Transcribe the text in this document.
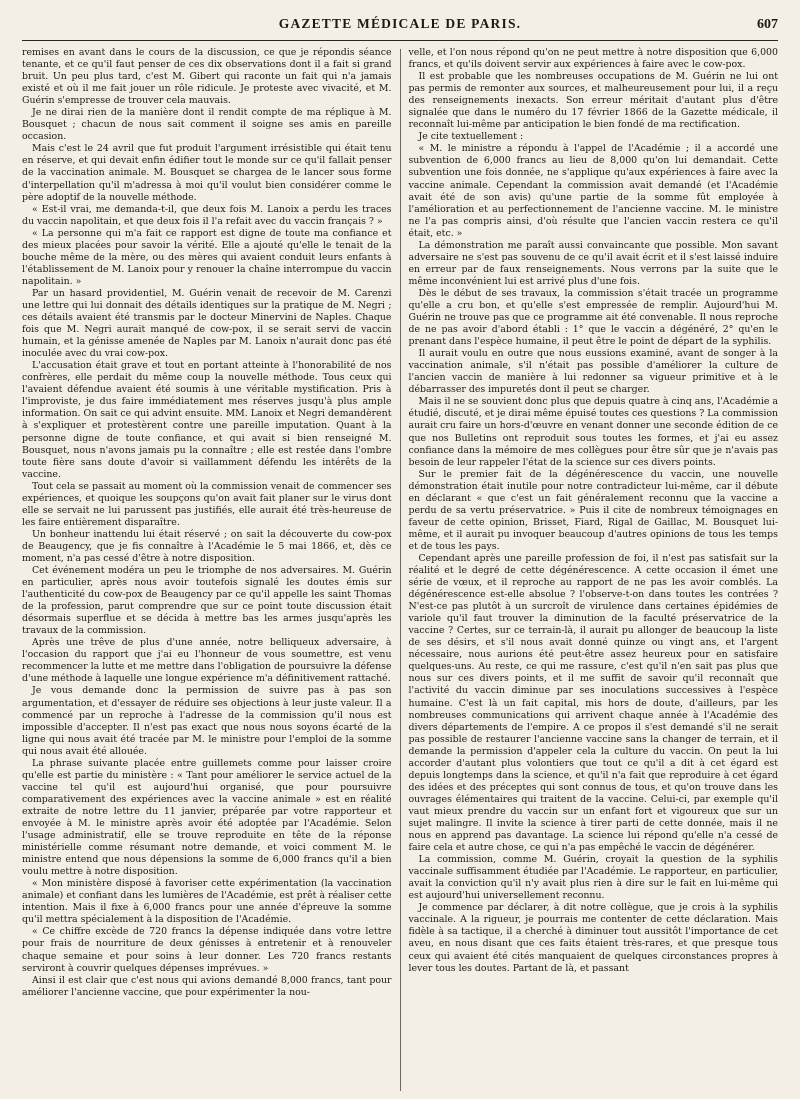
GAZETTE MÉDICALE DE PARIS.	607

remises en avant dans le cours de la discussion, ce que je répondis séance tenante, et ce qu'il faut penser de ces dix observations dont il a fait si grand bruit. Un peu plus tard, c'est M. Gibert qui raconte un fait qui n'a jamais existé et où il me fait jouer un rôle ridicule. Je proteste avec vivacité, et M. Guérin s'empresse de trouver cela mauvais.

Je ne dirai rien de la manière dont il rendit compte de ma réplique à M. Bousquet ; chacun de nous sait comment il soigne ses amis en pareille occasion.

Mais c'est le 24 avril que fut produit l'argument irrésistible qui était tenu en réserve, et qui devait enfin édifier tout le monde sur ce qu'il fallait penser de la vaccination animale. M. Bousquet se chargea de le lancer sous forme d'interpellation qu'il m'adressa à moi qu'il voulut bien considérer comme le père adoptif de la nouvelle méthode.

« Est-il vrai, me demanda-t-il, que deux fois M. Lanoix a perdu les traces du vaccin napolitain, et que deux fois il l'a refait avec du vaccin français ? »

« La personne qui m'a fait ce rapport est digne de toute ma confiance et des mieux placées pour savoir la vérité. Elle a ajouté qu'elle le tenait de la bouche même de la mère, ou des mères qui avaient conduit leurs enfants à l'établissement de M. Lanoix pour y renouer la chaîne interrompue du vaccin napolitain. »

Par un hasard providentiel, M. Guérin venait de recevoir de M. Carenzi une lettre qui lui donnait des détails identiques sur la pratique de M. Negri ; ces détails avaient été transmis par le docteur Minervini de Naples. Chaque fois que M. Negri aurait manqué de cow-pox, il se serait servi de vaccin humain, et la génisse amenée de Naples par M. Lanoix n'aurait donc pas été inoculée avec du vrai cow-pox.

L'accusation était grave et tout en portant atteinte à l'honorabilité de nos confrères, elle perdait du même coup la nouvelle méthode. Tous ceux qui l'avaient défendue avaient été soumis à une véritable mystification. Pris à l'improviste, je dus faire immédiatement mes réserves jusqu'à plus ample information. On sait ce qui advint ensuite. MM. Lanoix et Negri demandèrent à s'expliquer et protestèrent contre une pareille imputation. Quant à la personne digne de toute confiance, et qui avait si bien renseigné M. Bousquet, nous n'avons jamais pu la connaître ; elle est restée dans l'ombre toute fière sans doute d'avoir si vaillamment défendu les intérêts de la vaccine.

Tout cela se passait au moment où la commission venait de commencer ses expériences, et quoique les soupçons qu'on avait fait planer sur le virus dont elle se servait ne lui parussent pas justifiés, elle aurait été très-heureuse de les faire entièrement disparaître.

Un bonheur inattendu lui était réservé ; on sait la découverte du cow-pox de Beaugency, que je fis connaître à l'Académie le 5 mai 1866, et, dès ce moment, n'a pas cessé d'être à notre disposition.

Cet événement modéra un peu le triomphe de nos adversaires. M. Guérin en particulier, après nous avoir toutefois signalé les doutes émis sur l'authenticité du cow-pox de Beaugency par ce qu'il appelle les saint Thomas de la profession, parut comprendre que sur ce point toute discussion était désormais superflue et se décida à mettre bas les armes jusqu'après les travaux de la commission.

Après une trêve de plus d'une année, notre belliqueux adversaire, à l'occasion du rapport que j'ai eu l'honneur de vous soumettre, est venu recommencer la lutte et me mettre dans l'obligation de poursuivre la défense d'une méthode à laquelle une longue expérience m'a définitivement rattaché.

Je vous demande donc la permission de suivre pas à pas son argumentation, et d'essayer de réduire ses objections à leur juste valeur. Il a commencé par un reproche à l'adresse de la commission qu'il nous est impossible d'accepter. Il n'est pas exact que nous nous soyons écarté de la ligne qui nous avait été tracée par M. le ministre pour l'emploi de la somme qui nous avait été allouée.

La phrase suivante placée entre guillemets comme pour laisser croire qu'elle est partie du ministère : « Tant pour améliorer le service actuel de la vaccine tel qu'il est aujourd'hui organisé, que pour poursuivre comparativement des expériences avec la vaccine animale » est en réalité extraite de notre lettre du 11 janvier, préparée par votre rapporteur et envoyée à M. le ministre après avoir été adoptée par l'Académie. Selon l'usage administratif, elle se trouve reproduite en tête de la réponse ministérielle comme résumant notre demande, et voici comment M. le ministre entend que nous dépensions la somme de 6,000 francs qu'il a bien voulu mettre à notre disposition.

« Mon ministère disposé à favoriser cette expérimentation (la vaccination animale) et confiant dans les lumières de l'Académie, est prêt à réaliser cette intention. Mais il fixe à 6,000 francs pour une année d'épreuve la somme qu'il mettra spécialement à la disposition de l'Académie.

« Ce chiffre excède de 720 francs la dépense indiquée dans votre lettre pour frais de nourriture de deux génisses à entretenir et à renouveler chaque semaine et pour soins à leur donner. Les 720 francs restants serviront à couvrir quelques dépenses imprévues. »

Ainsi il est clair que c'est nous qui avions demandé 8,000 francs, tant pour améliorer l'ancienne vaccine, que pour expérimenter la nou-

velle, et l'on nous répond qu'on ne peut mettre à notre disposition que 6,000 francs, et qu'ils doivent servir aux expériences à faire avec le cow-pox.

Il est probable que les nombreuses occupations de M. Guérin ne lui ont pas permis de remonter aux sources, et malheureusement pour lui, il a reçu des renseignements inexacts. Son erreur méritait d'autant plus d'être signalée que dans le numéro du 17 février 1866 de la Gazette médicale, il reconnaît lui-même par anticipation le bien fondé de ma rectification.

Je cite textuellement :

« M. le ministre a répondu à l'appel de l'Académie ; il a accordé une subvention de 6,000 francs au lieu de 8,000 qu'on lui demandait. Cette subvention une fois donnée, ne s'applique qu'aux expériences à faire avec la vaccine animale. Cependant la commission avait demandé (et l'Académie avait été de son avis) qu'une partie de la somme fût employée à l'amélioration et au perfectionnement de l'ancienne vaccine. M. le ministre ne l'a pas compris ainsi, d'où résulte que l'ancien vaccin restera ce qu'il était, etc. »

La démonstration me paraît aussi convaincante que possible. Mon savant adversaire ne s'est pas souvenu de ce qu'il avait écrit et il s'est laissé induire en erreur par de faux renseignements. Nous verrons par la suite que le même inconvénient lui est arrivé plus d'une fois.

Dès le début de ses travaux, la commission s'était tracée un programme qu'elle a cru bon, et qu'elle s'est empressée de remplir. Aujourd'hui M. Guérin ne trouve pas que ce programme ait été convenable. Il nous reproche de ne pas avoir d'abord établi : 1° que le vaccin a dégénéré, 2° qu'en le prenant dans l'espèce humaine, il peut être le point de départ de la syphilis.

Il aurait voulu en outre que nous eussions examiné, avant de songer à la vaccination animale, s'il n'était pas possible d'améliorer la culture de l'ancien vaccin de manière à lui redonner sa vigueur primitive et à le débarrasser des impuretés dont il peut se charger.

Mais il ne se souvient donc plus que depuis quatre à cinq ans, l'Académie a étudié, discuté, et je dirai même épuisé toutes ces questions ? La commission aurait cru faire un hors-d'œuvre en venant donner une seconde édition de ce que nos Bulletins ont reproduit sous toutes les formes, et j'ai eu assez confiance dans la mémoire de mes collègues pour être sûr que je n'avais pas besoin de leur rappeler l'état de la science sur ces divers points.

Sur le premier fait de la dégénérescence du vaccin, une nouvelle démonstration était inutile pour notre contradicteur lui-même, car il débute en déclarant « que c'est un fait généralement reconnu que la vaccine a perdu de sa vertu préservatrice. » Puis il cite de nombreux témoignages en faveur de cette opinion, Brisset, Fiard, Rigal de Gaillac, M. Bousquet lui-même, et il aurait pu invoquer beaucoup d'autres opinions de tous les temps et de tous les pays.

Cependant après une pareille profession de foi, il n'est pas satisfait sur la réalité et le degré de cette dégénérescence. A cette occasion il émet une série de vœux, et il reproche au rapport de ne pas les avoir comblés. La dégénérescence est-elle absolue ? l'observe-t-on dans toutes les contrées ? N'est-ce pas plutôt à un surcroît de virulence dans certaines épidémies de variole qu'il faut trouver la diminution de la faculté préservatrice de la vaccine ? Certes, sur ce terrain-là, il aurait pu allonger de beaucoup la liste de ses désirs, et s'il nous avait donné quinze ou vingt ans, et l'argent nécessaire, nous aurions été peut-être assez heureux pour en satisfaire quelques-uns. Au reste, ce qui me rassure, c'est qu'il n'en sait pas plus que nous sur ces divers points, et il me suffit de savoir qu'il reconnaît que l'activité du vaccin diminue par ses inoculations successives à l'espèce humaine. C'est là un fait capital, mis hors de doute, d'ailleurs, par les nombreuses communications qui arrivent chaque année à l'Académie des divers départements de l'empire. A ce propos il s'est demandé s'il ne serait pas possible de restaurer l'ancienne vaccine sans la changer de terrain, et il demande la permission d'appeler cela la culture du vaccin. On peut la lui accorder d'autant plus volontiers que tout ce qu'il a dit à cet égard est depuis longtemps dans la science, et qu'il n'a fait que reproduire à cet égard des idées et des préceptes qui sont connus de tous, et qu'on trouve dans les ouvrages élémentaires qui traitent de la vaccine. Celui-ci, par exemple qu'il vaut mieux prendre du vaccin sur un enfant fort et vigoureux que sur un sujet malingre. Il invite la science à tirer parti de cette donnée, mais il ne nous en apprend pas davantage. La science lui répond qu'elle n'a cessé de faire cela et autre chose, ce qui n'a pas empêché le vaccin de dégénérer.

La commission, comme M. Guérin, croyait la question de la syphilis vaccinale suffisamment étudiée par l'Académie. Le rapporteur, en particulier, avait la conviction qu'il n'y avait plus rien à dire sur le fait en lui-même qui est aujourd'hui universellement reconnu.

Je commence par déclarer, à dit notre collègue, que je crois à la syphilis vaccinale. A la rigueur, je pourrais me contenter de cette déclaration. Mais fidèle à sa tactique, il a cherché à diminuer tout aussitôt l'importance de cet aveu, en nous disant que ces faits étaient très-rares, et que presque tous ceux qui avaient été cités manquaient de quelques circonstances propres à lever tous les doutes. Partant de là, et passant
